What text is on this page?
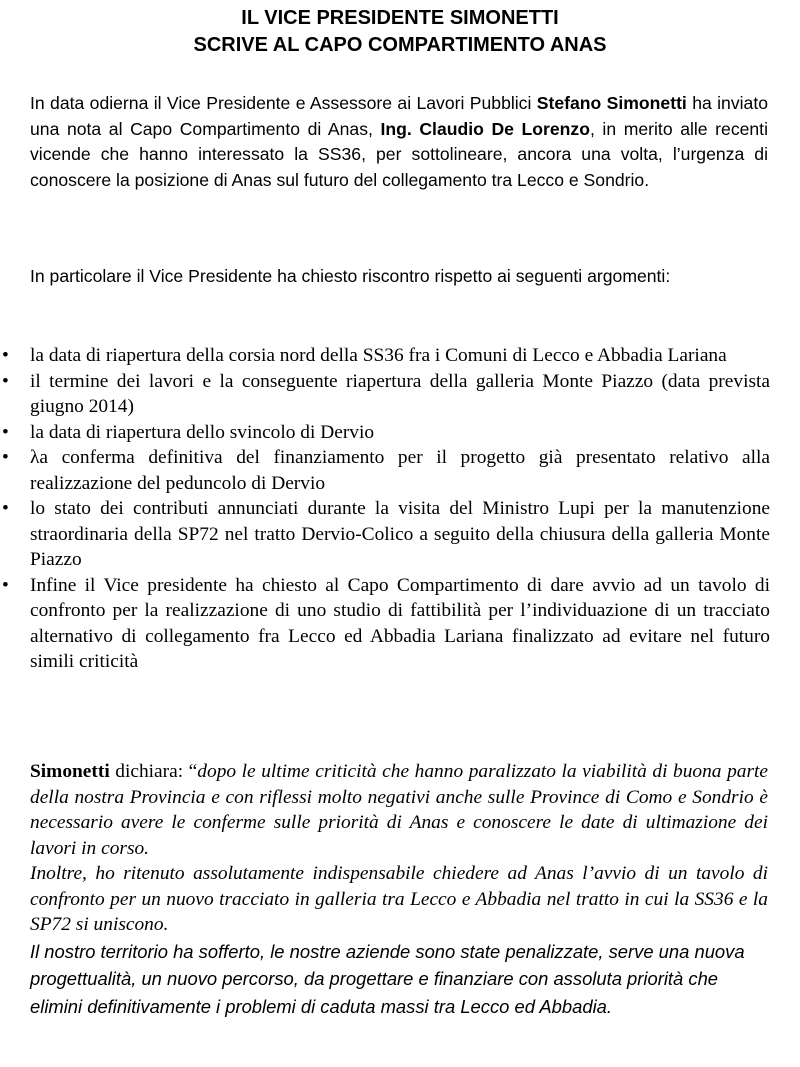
IL VICE PRESIDENTE SIMONETTI
SCRIVE AL CAPO COMPARTIMENTO ANAS

In data odierna il Vice Presidente e Assessore ai Lavori Pubblici Stefano Simonetti ha inviato una nota al Capo Compartimento di Anas, Ing. Claudio De Lorenzo, in merito alle recenti vicende che hanno interessato la SS36, per sottolineare, ancora una volta, l’urgenza di conoscere la posizione di Anas sul futuro del collegamento tra Lecco e Sondrio.

In particolare il Vice Presidente ha chiesto riscontro rispetto ai seguenti argomenti:

• la data di riapertura della corsia nord della SS36 fra i Comuni di Lecco e Abbadia Lariana
• il termine dei lavori e la conseguente riapertura della galleria Monte Piazzo (data prevista giugno 2014)
• la data di riapertura dello svincolo di Dervio
• λa conferma definitiva del finanziamento per il progetto già presentato relativo alla realizzazione del peduncolo di Dervio
• lo stato dei contributi annunciati durante la visita del Ministro Lupi per la manutenzione straordinaria della SP72 nel tratto Dervio-Colico a seguito della chiusura della galleria Monte Piazzo
• Infine il Vice presidente ha chiesto al Capo Compartimento di dare avvio ad un tavolo di confronto per la realizzazione di uno studio di fattibilità per l’individuazione di un tracciato alternativo di collegamento fra Lecco ed Abbadia Lariana finalizzato ad evitare nel futuro simili criticità

Simonetti dichiara: “dopo le ultime criticità che hanno paralizzato la viabilità di buona parte della nostra Provincia e con riflessi molto negativi anche sulle Province di Como e Sondrio è necessario avere le conferme sulle priorità di Anas e conoscere le date di ultimazione dei lavori in corso.

Inoltre, ho ritenuto assolutamente indispensabile chiedere ad Anas l’avvio di un tavolo di confronto per un nuovo tracciato in galleria tra Lecco e Abbadia nel tratto in cui la SS36 e la SP72 si uniscono.

Il nostro territorio ha sofferto, le nostre aziende sono state penalizzate, serve una nuova progettualità, un nuovo percorso, da progettare e finanziare con assoluta priorità che elimini definitivamente i problemi di caduta massi tra Lecco ed Abbadia.
